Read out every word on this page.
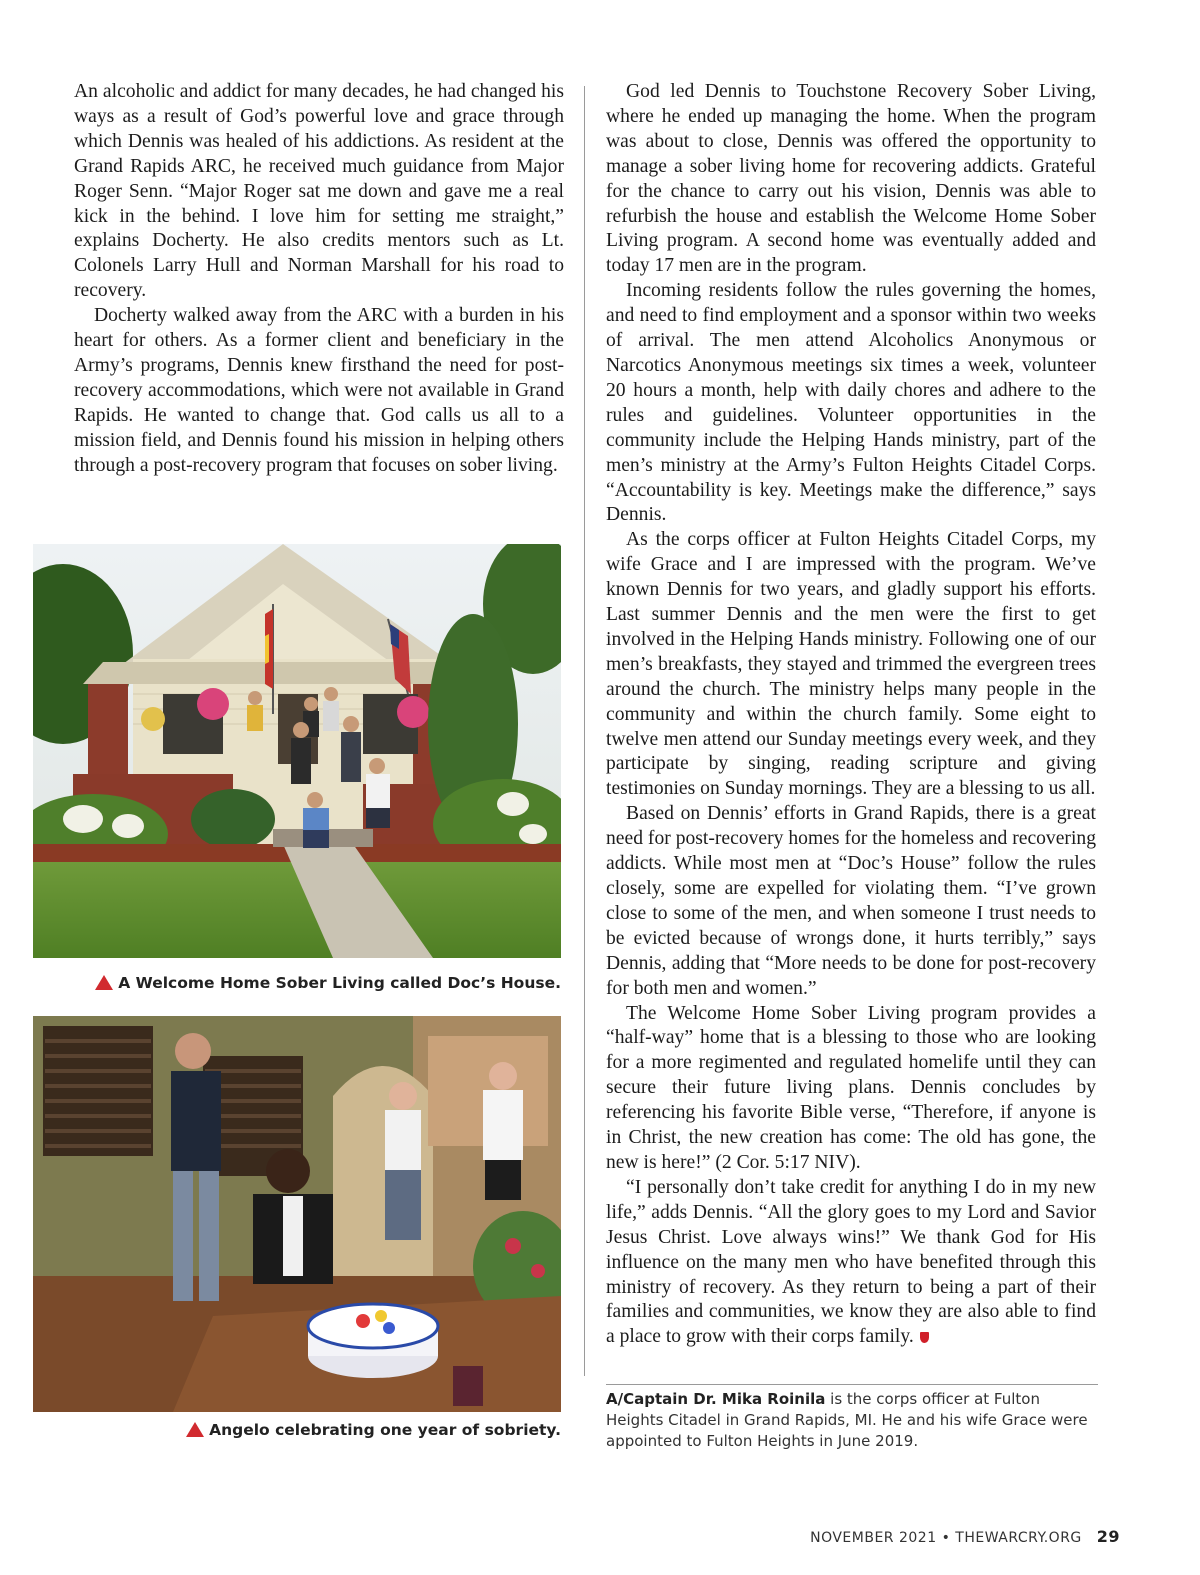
An alcoholic and addict for many decades, he had changed his ways as a result of God’s powerful love and grace through which Dennis was healed of his addictions. As resident at the Grand Rapids ARC, he received much guidance from Major Roger Senn. “Major Roger sat me down and gave me a real kick in the behind. I love him for setting me straight,” explains Docherty. He also credits mentors such as Lt. Colonels Larry Hull and Norman Marshall for his road to recovery.

Docherty walked away from the ARC with a burden in his heart for others. As a former client and beneficiary in the Army’s programs, Dennis knew firsthand the need for post-recovery accommodations, which were not available in Grand Rapids. He wanted to change that. God calls us all to a mission field, and Dennis found his mission in helping others through a post-recovery program that focuses on sober living.

A Welcome Home Sober Living called Doc’s House.
Angelo celebrating one year of sobriety.

God led Dennis to Touchstone Recovery Sober Living, where he ended up managing the home. When the program was about to close, Dennis was offered the opportunity to manage a sober living home for recovering addicts. Grateful for the chance to carry out his vision, Dennis was able to refurbish the house and establish the Welcome Home Sober Living program. A second home was eventually added and today 17 men are in the program.

Incoming residents follow the rules governing the homes, and need to find employment and a sponsor within two weeks of arrival. The men attend Alcoholics Anonymous or Narcotics Anonymous meetings six times a week, volunteer 20 hours a month, help with daily chores and adhere to the rules and guidelines. Volunteer opportunities in the community include the Helping Hands ministry, part of the men’s ministry at the Army’s Fulton Heights Citadel Corps. “Accountability is key. Meetings make the difference,” says Dennis.

As the corps officer at Fulton Heights Citadel Corps, my wife Grace and I are impressed with the program. We’ve known Dennis for two years, and gladly support his efforts. Last summer Dennis and the men were the first to get involved in the Helping Hands ministry. Following one of our men’s breakfasts, they stayed and trimmed the evergreen trees around the church. The ministry helps many people in the community and within the church family. Some eight to twelve men attend our Sunday meetings every week, and they participate by singing, reading scripture and giving testimonies on Sunday mornings. They are a blessing to us all.

Based on Dennis’ efforts in Grand Rapids, there is a great need for post-recovery homes for the homeless and recovering addicts. While most men at “Doc’s House” follow the rules closely, some are expelled for violating them. “I’ve grown close to some of the men, and when someone I trust needs to be evicted because of wrongs done, it hurts terribly,” says Dennis, adding that “More needs to be done for post-recovery for both men and women.”

The Welcome Home Sober Living program provides a “half-way” home that is a blessing to those who are looking for a more regimented and regulated homelife until they can secure their future living plans. Dennis concludes by referencing his favorite Bible verse, “Therefore, if anyone is in Christ, the new creation has come: The old has gone, the new is here!” (2 Cor. 5:17 NIV).

“I personally don’t take credit for anything I do in my new life,” adds Dennis. “All the glory goes to my Lord and Savior Jesus Christ. Love always wins!” We thank God for His influence on the many men who have benefited through this ministry of recovery. As they return to being a part of their families and communities, we know they are also able to find a place to grow with their corps family.

A/Captain Dr. Mika Roinila is the corps officer at Fulton Heights Citadel in Grand Rapids, MI. He and his wife Grace were appointed to Fulton Heights in June 2019.
NOVEMBER 2021 • THEWARCRY.ORG 29
